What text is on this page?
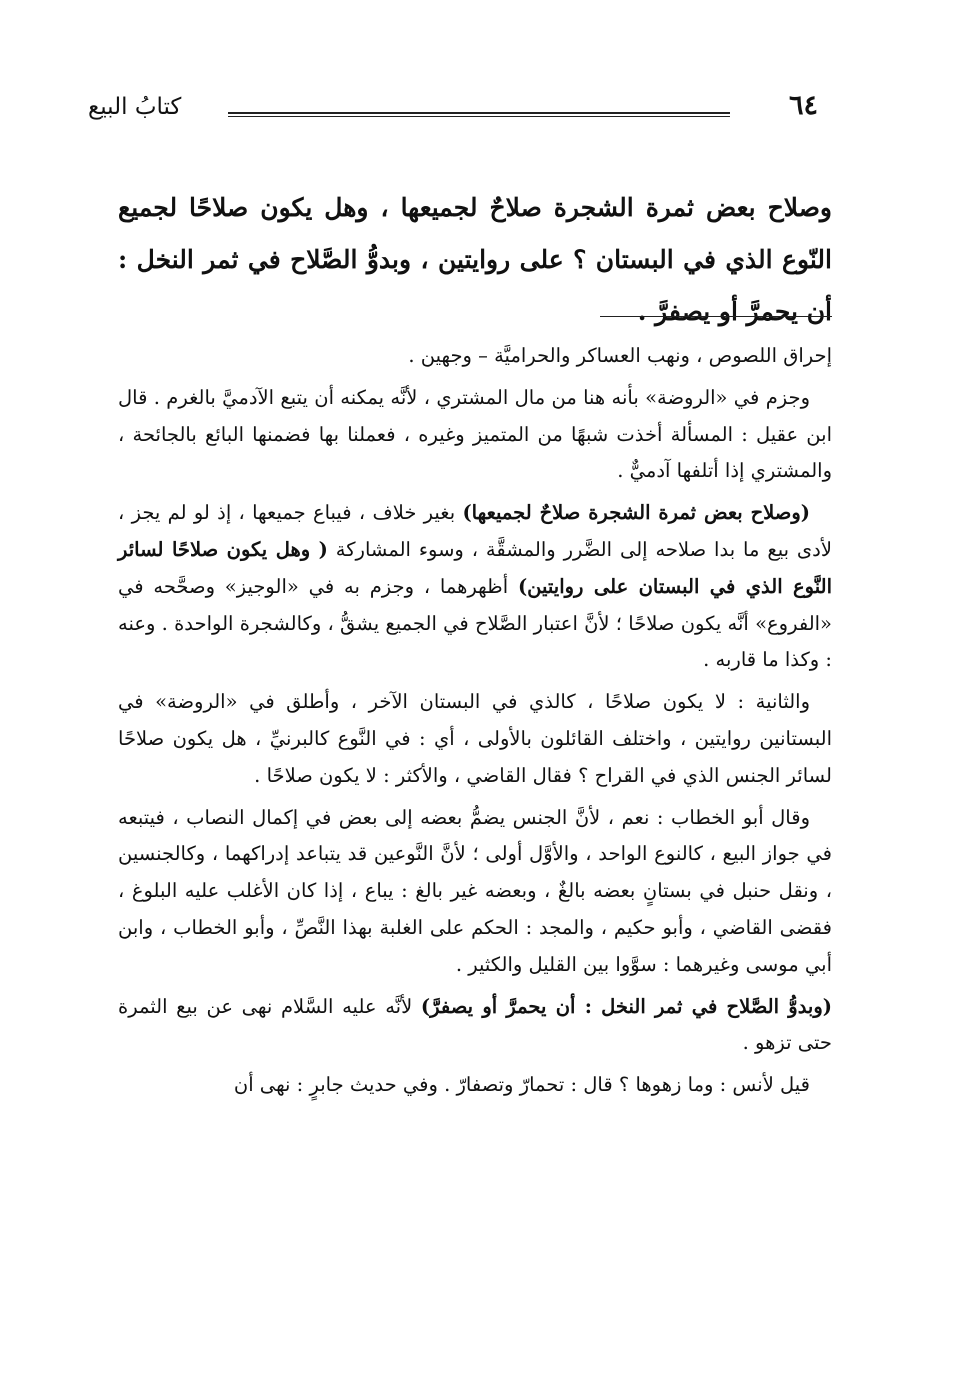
كتابُ البيع	٦٤
وصلاح بعض ثمرة الشجرة صلاحٌ لجميعها ، وهل يكون صلاحًا لجميع النّوع الذي في البستان ؟ على روايتين ، وبدوُّ الصَّلاح في ثمر النخل : أن يحمرَّ أو يصفرَّ .

إحراق اللصوص ، ونهب العساكر والحراميَّة – وجهين .

وجزم في «الروضة» بأنه هنا من مال المشتري ، لأنَّه يمكنه أن يتبع الآدميَّ بالغرم . قال ابن عقيل : المسألة أخذت شبهًا من المتميز وغيره ، فعملنا بها فضمنها البائع بالجائحة ، والمشتري إذا أتلفها آدميٌّ .

(وصلاح بعض ثمرة الشجرة صلاحٌ لجميعها) بغير خلاف ، فيباع جميعها ، إذ لو لم يجز ، لأدى بيع ما بدا صلاحه إلى الضَّرر والمشقَّة ، وسوء المشاركة ( وهل يكون صلاحًا لسائر النَّوع الذي في البستان على روايتين) أظهرهما ، وجزم به في «الوجيز» وصحَّحه في «الفروع» أنَّه يكون صلاحًا ؛ لأنَّ اعتبار الصَّلاح في الجميع يشقُّ ، وكالشجرة الواحدة . وعنه : وكذا ما قاربه .

والثانية : لا يكون صلاحًا ، كالذي في البستان الآخر ، وأطلق في «الروضة» في البستانين روايتين ، واختلف القائلون بالأولى ، أي : في النَّوع كالبرنيِّ ، هل يكون صلاحًا لسائر الجنس الذي في القراح ؟ فقال القاضي ، والأكثر : لا يكون صلاحًا .

وقال أبو الخطاب : نعم ، لأنَّ الجنس يضمُّ بعضه إلى بعض في إكمال النصاب ، فيتبعه في جواز البيع ، كالنوع الواحد ، والأوَّل أولى ؛ لأنَّ النَّوعين قد يتباعد إدراكهما ، وكالجنسين ، ونقل حنبل في بستانٍ بعضه بالغٌ ، وبعضه غير بالغ : يباع ، إذا كان الأغلب عليه البلوغ ، فقضى القاضي ، وأبو حكيم ، والمجد : الحكم على الغلبة بهذا النَّصِّ ، وأبو الخطاب ، وابن أبي موسى وغيرهما : سوَّوا بين القليل والكثير .

(وبدوُّ الصَّلاح في ثمر النخل : أن يحمرَّ أو يصفرَّ) لأنَّه عليه السَّلام نهى عن بيع الثمرة حتى تزهو .

قيل لأنس : وما زهوها ؟ قال : تحمارّ وتصفارّ . وفي حديث جابرٍ : نهى أن
